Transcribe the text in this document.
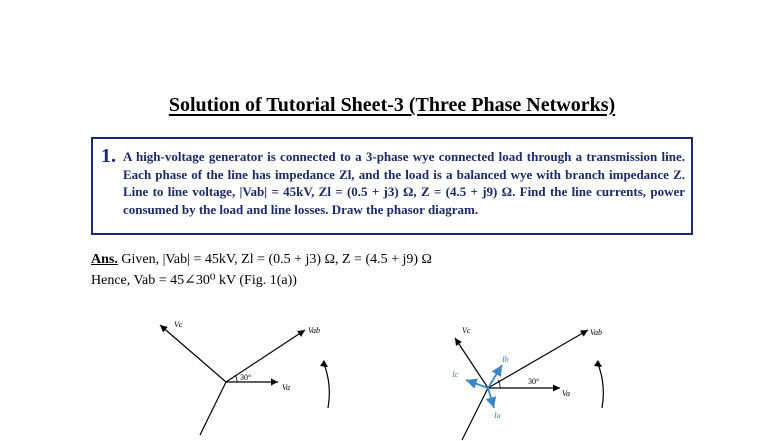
Solution of Tutorial Sheet-3 (Three Phase Networks)
1. A high-voltage generator is connected to a 3-phase wye connected load through a transmission line. Each phase of the line has impedance Zl, and the load is a balanced wye with branch impedance Z. Line to line voltage, |Vab| = 45kV, Zl = (0.5 + j3) Ω, Z = (4.5 + j9) Ω. Find the line currents, power consumed by the load and line losses. Draw the phasor diagram.
Ans. Given, |Vab| = 45kV, Zl = (0.5 + j3) Ω, Z = (4.5 + j9) Ω
Hence, Vab = 45∠30⁰ kV (Fig. 1(a))
Vc
Vab
Va
30°
Vc	Vab
Va
Ib
Ic
Ia
30°
